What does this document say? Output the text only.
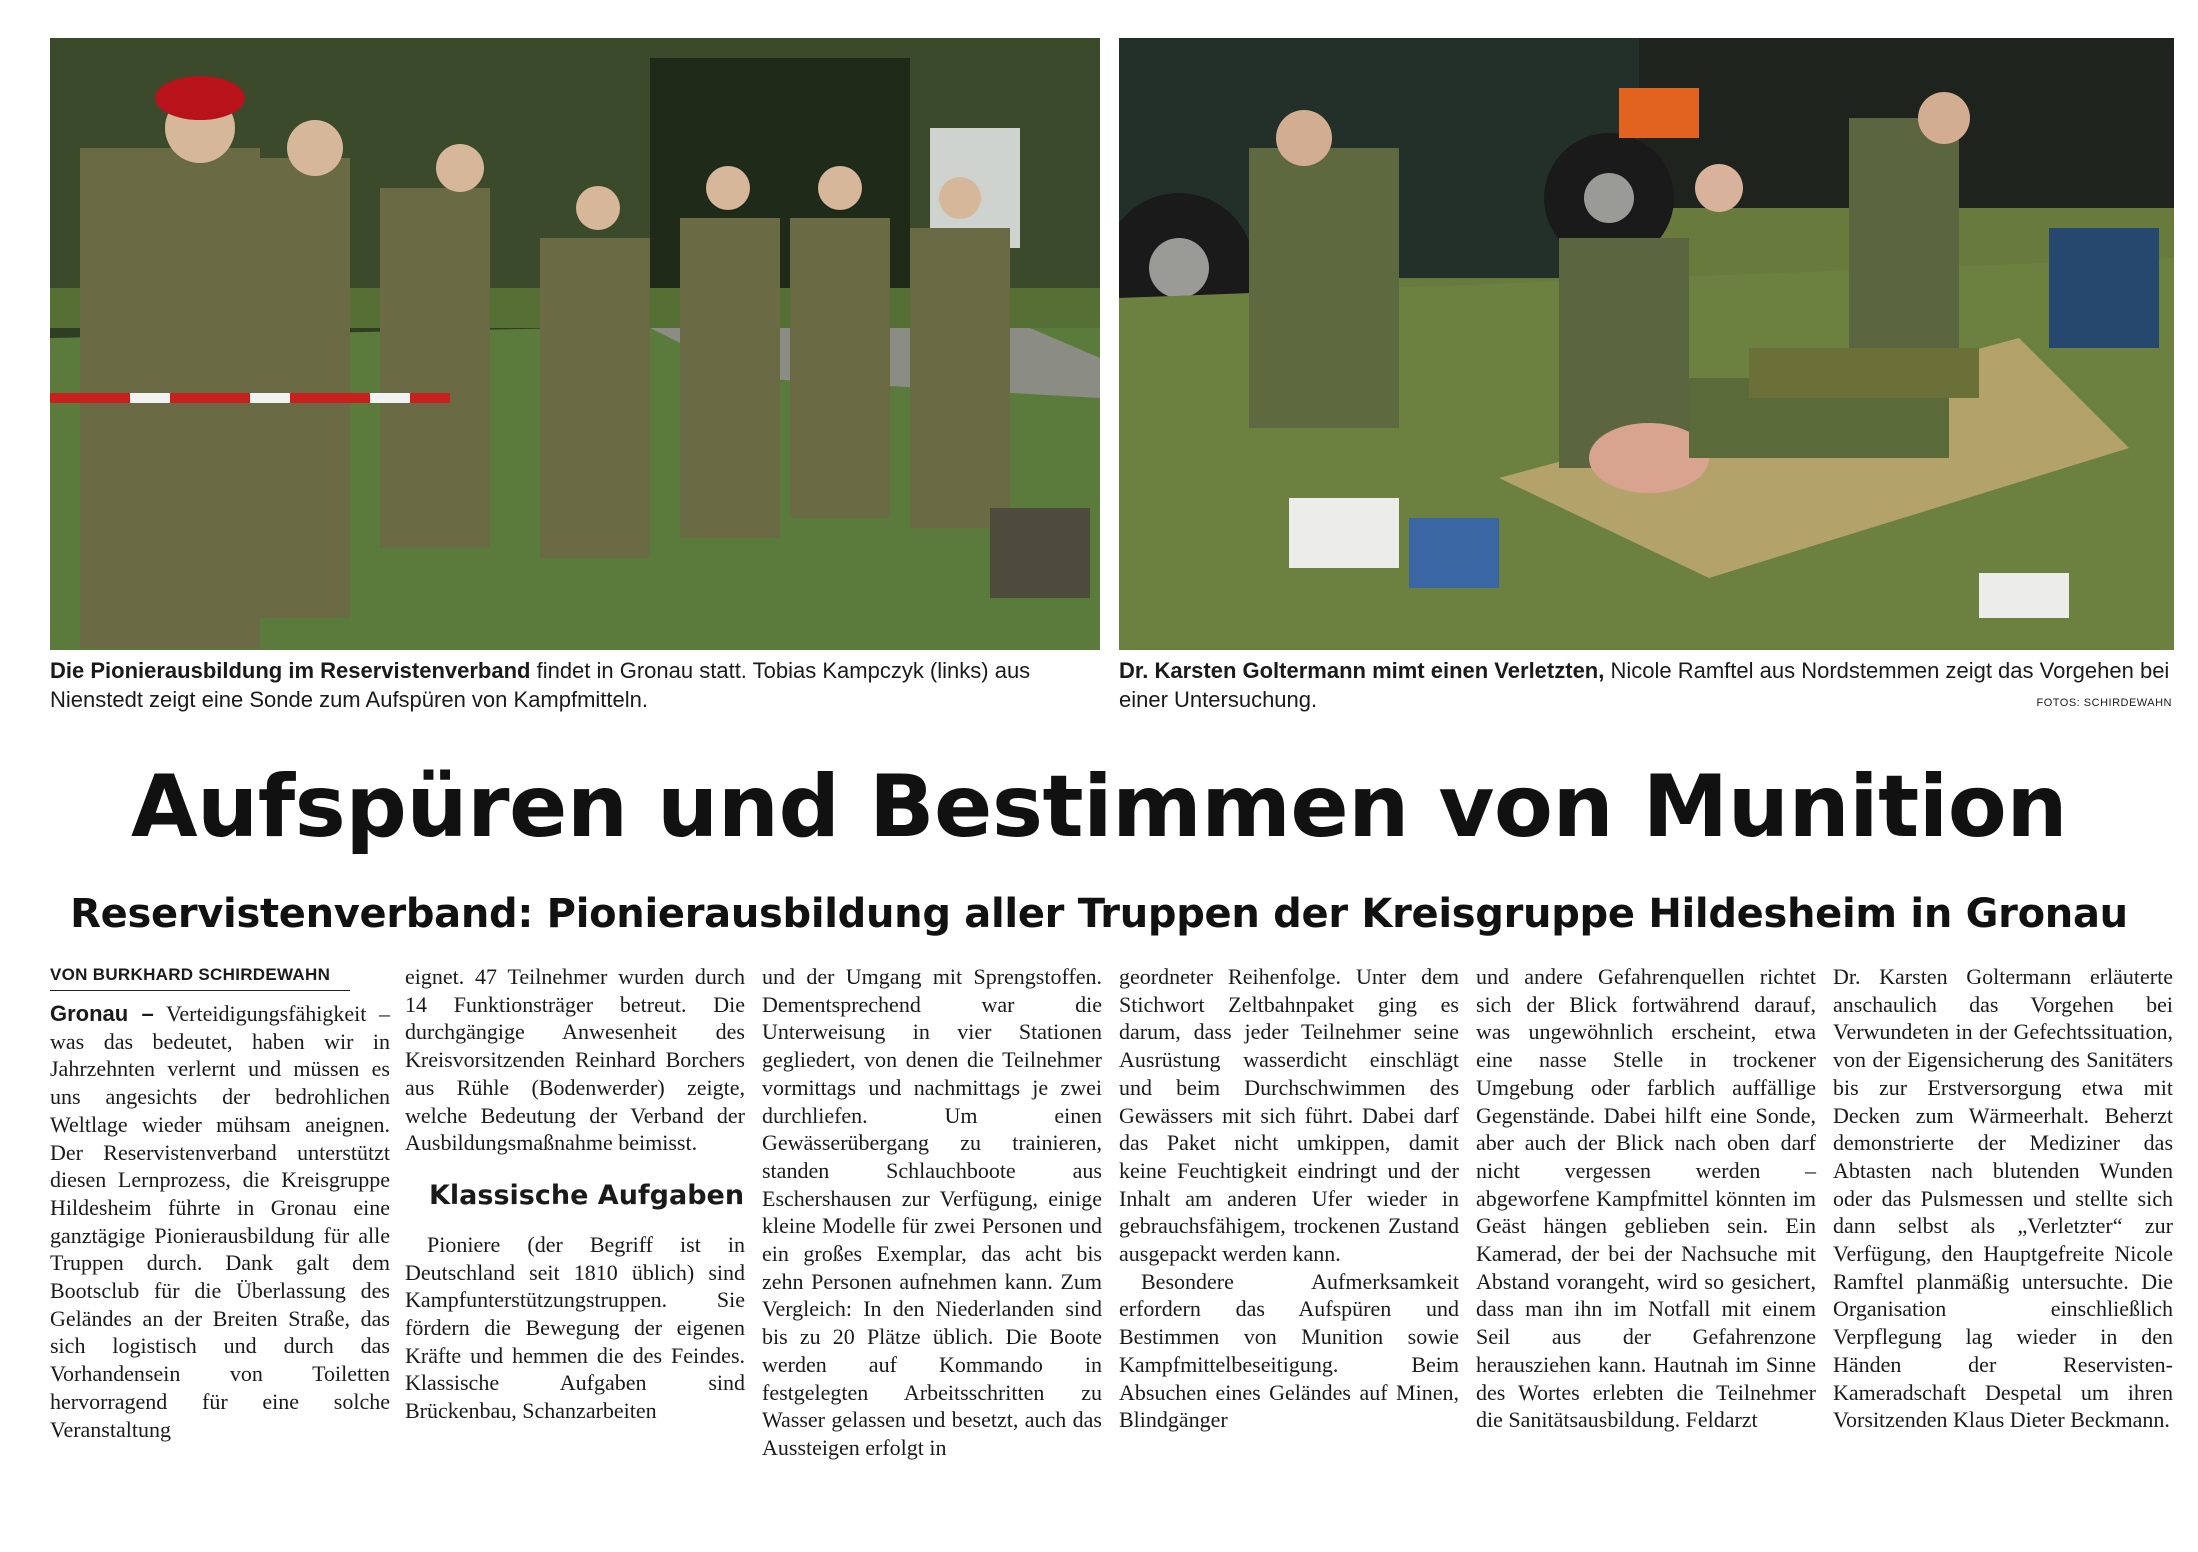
Die Pionierausbildung im Reservistenverband findet in Gronau statt. Tobias Kampczyk (links) aus Nienstedt zeigt eine Sonde zum Aufspüren von Kampfmitteln.
Dr. Karsten Goltermann mimt einen Verletzten, Nicole Ramftel aus Nordstemmen zeigt das Vorgehen bei einer Untersuchung.	FOTOS: SCHIRDEWAHN
Aufspüren und Bestimmen von Munition
Reservistenverband: Pionierausbildung aller Truppen der Kreisgruppe Hildesheim in Gronau
VON BURKHARD SCHIRDEWAHN

Gronau – Verteidigungsfähigkeit – was das bedeutet, haben wir in Jahrzehnten verlernt und müssen es uns angesichts der bedrohlichen Weltlage wieder mühsam aneignen. Der Reservistenverband unterstützt diesen Lernprozess, die Kreisgruppe Hildesheim führte in Gronau eine ganztägige Pionierausbildung für alle Truppen durch. Dank galt dem Bootsclub für die Überlassung des Geländes an der Breiten Straße, das sich logistisch und durch das Vorhandensein von Toiletten hervorragend für eine solche Veranstaltung

eignet. 47 Teilnehmer wurden durch 14 Funktionsträger betreut. Die durchgängige Anwesenheit des Kreisvorsitzenden Reinhard Borchers aus Rühle (Bodenwerder) zeigte, welche Bedeutung der Verband der Ausbildungsmaßnahme beimisst.

Klassische Aufgaben

Pioniere (der Begriff ist in Deutschland seit 1810 üblich) sind Kampfunterstützungstruppen. Sie fördern die Bewegung der eigenen Kräfte und hemmen die des Feindes. Klassische Aufgaben sind Brückenbau, Schanzarbeiten

und der Umgang mit Sprengstoffen. Dementsprechend war die Unterweisung in vier Stationen gegliedert, von denen die Teilnehmer vormittags und nachmittags je zwei durchliefen. Um einen Gewässerübergang zu trainieren, standen Schlauchboote aus Eschershausen zur Verfügung, einige kleine Modelle für zwei Personen und ein großes Exemplar, das acht bis zehn Personen aufnehmen kann. Zum Vergleich: In den Niederlanden sind bis zu 20 Plätze üblich. Die Boote werden auf Kommando in festgelegten Arbeitsschritten zu Wasser gelassen und besetzt, auch das Aussteigen erfolgt in

geordneter Reihenfolge. Unter dem Stichwort Zeltbahnpaket ging es darum, dass jeder Teilnehmer seine Ausrüstung wasserdicht einschlägt und beim Durchschwimmen des Gewässers mit sich führt. Dabei darf das Paket nicht umkippen, damit keine Feuchtigkeit eindringt und der Inhalt am anderen Ufer wieder in gebrauchsfähigem, trockenen Zustand ausgepackt werden kann.

Besondere Aufmerksamkeit erfordern das Aufspüren und Bestimmen von Munition sowie Kampfmittelbeseitigung. Beim Absuchen eines Geländes auf Minen, Blindgänger

und andere Gefahrenquellen richtet sich der Blick fortwährend darauf, was ungewöhnlich erscheint, etwa eine nasse Stelle in trockener Umgebung oder farblich auffällige Gegenstände. Dabei hilft eine Sonde, aber auch der Blick nach oben darf nicht vergessen werden – abgeworfene Kampfmittel könnten im Geäst hängen geblieben sein. Ein Kamerad, der bei der Nachsuche mit Abstand vorangeht, wird so gesichert, dass man ihn im Notfall mit einem Seil aus der Gefahrenzone herausziehen kann. Hautnah im Sinne des Wortes erlebten die Teilnehmer die Sanitätsausbildung. Feldarzt

Dr. Karsten Goltermann erläuterte anschaulich das Vorgehen bei Verwundeten in der Gefechtssituation, von der Eigensicherung des Sanitäters bis zur Erstversorgung etwa mit Decken zum Wärmeerhalt. Beherzt demonstrierte der Mediziner das Abtasten nach blutenden Wunden oder das Pulsmessen und stellte sich dann selbst als „Verletzter“ zur Verfügung, den Hauptgefreite Nicole Ramftel planmäßig untersuchte. Die Organisation einschließlich Verpflegung lag wieder in den Händen der Reservisten-Kameradschaft Despetal um ihren Vorsitzenden Klaus Dieter Beckmann.
